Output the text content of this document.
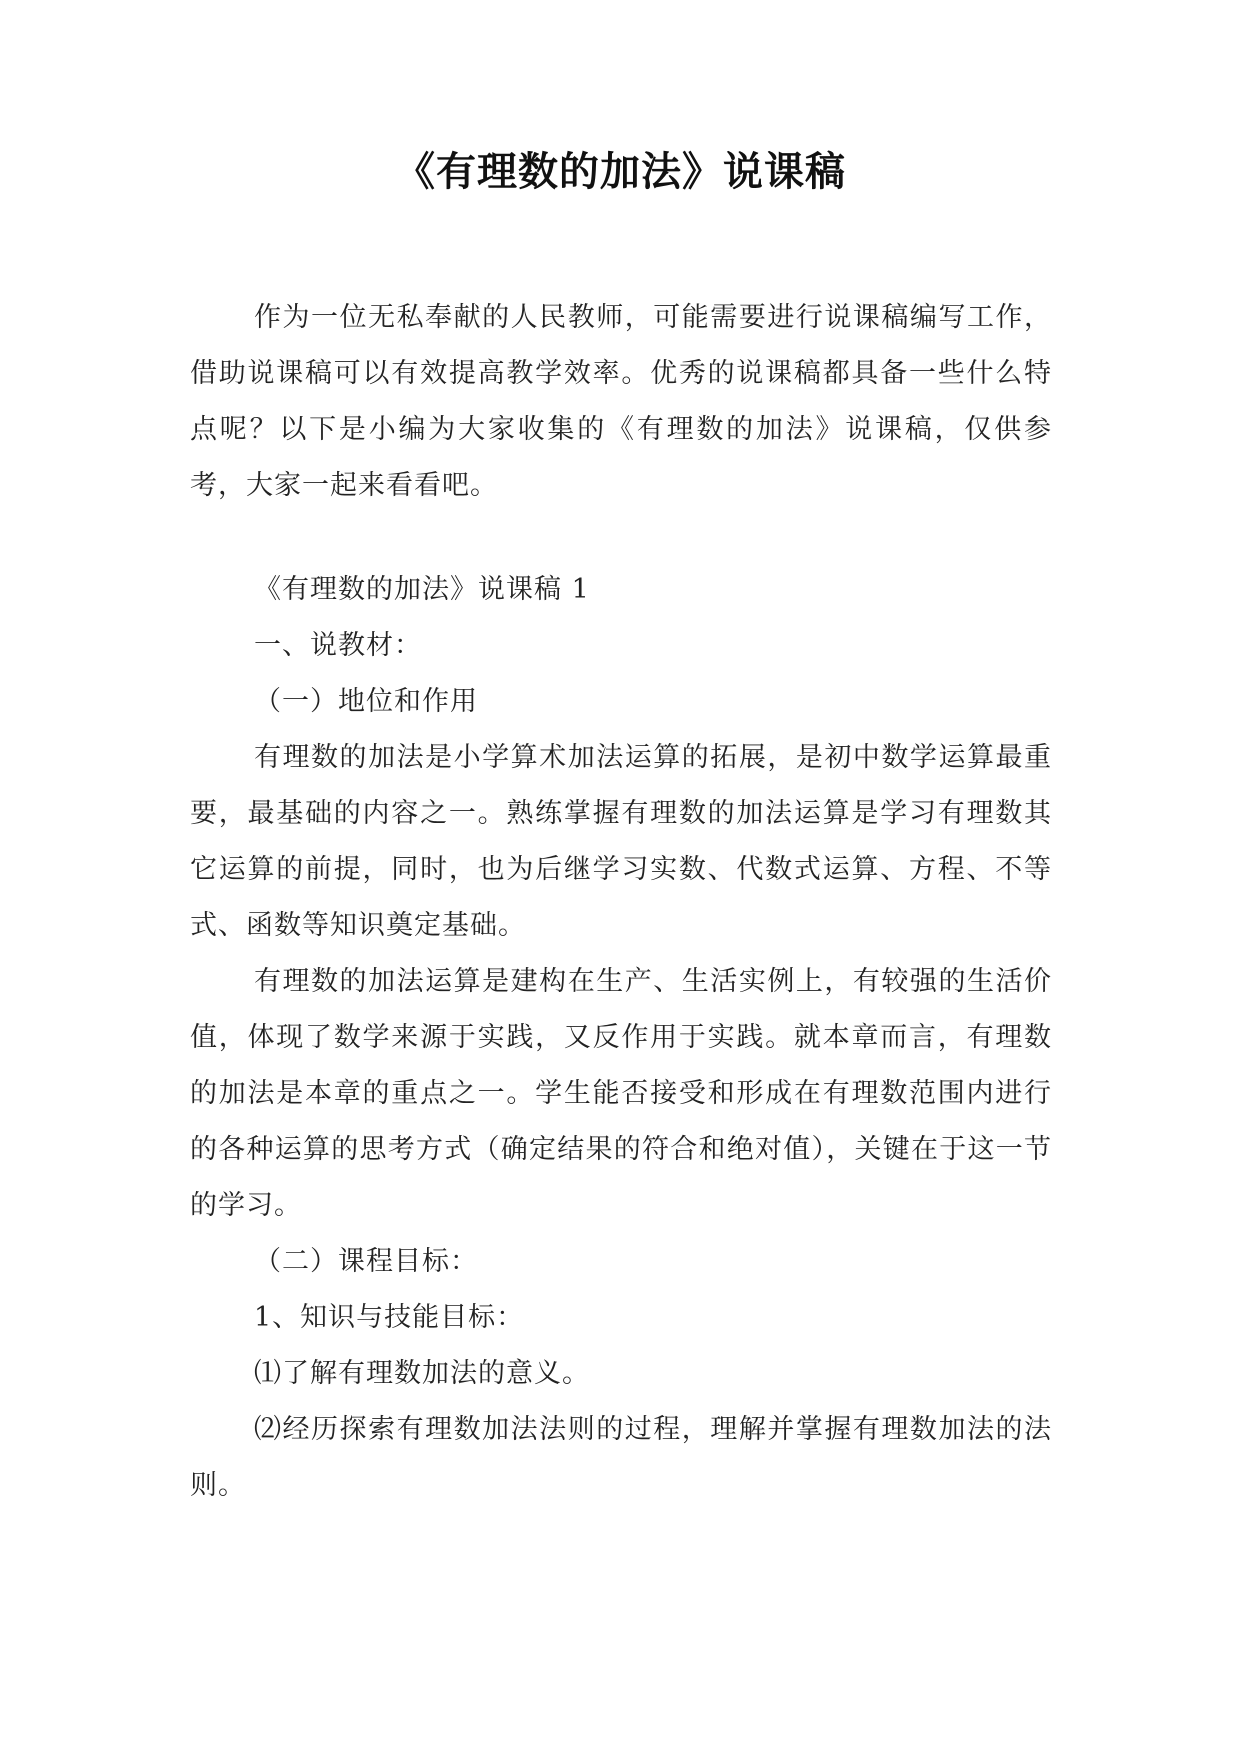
《有理数的加法》说课稿

作为一位无私奉献的人民教师，可能需要进行说课稿编写工作，借助说课稿可以有效提高教学效率。优秀的说课稿都具备一些什么特点呢？以下是小编为大家收集的《有理数的加法》说课稿，仅供参考，大家一起来看看吧。

《有理数的加法》说课稿 1

一、说教材：

（一）地位和作用

有理数的加法是小学算术加法运算的拓展，是初中数学运算最重要，最基础的内容之一。熟练掌握有理数的加法运算是学习有理数其它运算的前提，同时，也为后继学习实数、代数式运算、方程、不等式、函数等知识奠定基础。

有理数的加法运算是建构在生产、生活实例上，有较强的生活价值，体现了数学来源于实践，又反作用于实践。就本章而言，有理数的加法是本章的重点之一。学生能否接受和形成在有理数范围内进行的各种运算的思考方式（确定结果的符合和绝对值），关键在于这一节的学习。

（二）课程目标：

1、知识与技能目标：

⑴了解有理数加法的意义。

⑵经历探索有理数加法法则的过程，理解并掌握有理数加法的法则。
